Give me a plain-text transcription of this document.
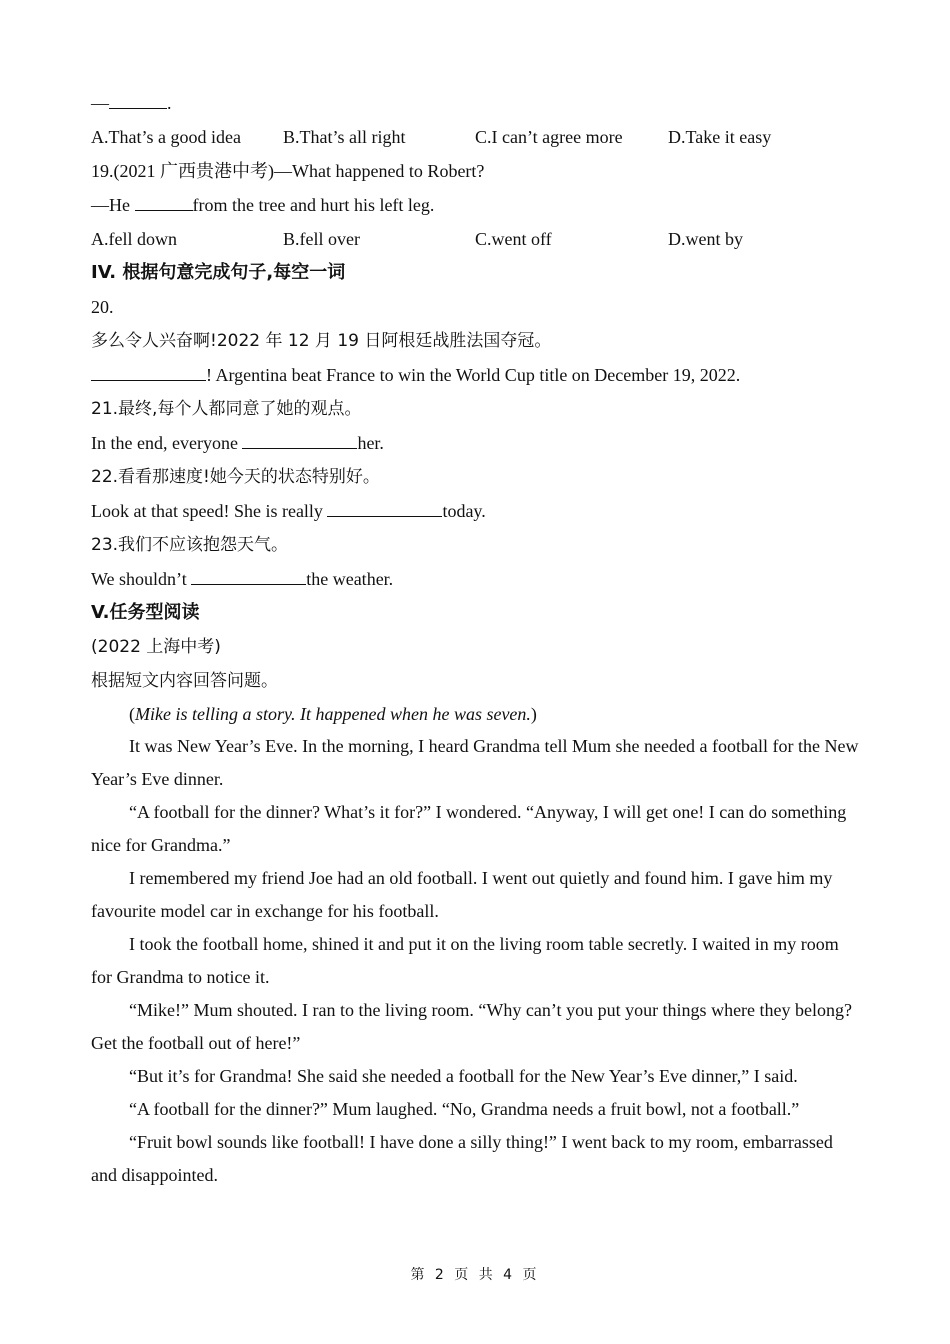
—	.
A.That’s a good idea	B.That’s all right	C.I can’t agree more	D.Take it easy
19.(2021 广西贵港中考)—What happened to Robert?
—He	from the tree and hurt his left leg.
A.fell down	B.fell over	C.went off	D.went by
IV. 根据句意完成句子,每空一词
20.
多么令人兴奋啊!2022 年 12 月 19 日阿根廷战胜法国夺冠。
! Argentina beat France to win the World Cup title on December 19, 2022.
21.最终,每个人都同意了她的观点。
In the end, everyone	her.
22.看看那速度!她今天的状态特别好。
Look at that speed! She is really	today.
23.我们不应该抱怨天气。
We shouldn’t	the weather.
V.任务型阅读
(2022 上海中考)
根据短文内容回答问题。
(Mike is telling a story. It happened when he was seven.)

It was New Year’s Eve. In the morning, I heard Grandma tell Mum she needed a football for the New Year’s Eve dinner.

“A football for the dinner? What’s it for?” I wondered. “Anyway, I will get one! I can do something nice for Grandma.”

I remembered my friend Joe had an old football. I went out quietly and found him. I gave him my favourite model car in exchange for his football.

I took the football home, shined it and put it on the living room table secretly. I waited in my room for Grandma to notice it.

“Mike!” Mum shouted. I ran to the living room. “Why can’t you put your things where they belong? Get the football out of here!”

“But it’s for Grandma! She said she needed a football for the New Year’s Eve dinner,” I said.

“A football for the dinner?” Mum laughed. “No, Grandma needs a fruit bowl, not a football.”

“Fruit bowl sounds like football! I have done a silly thing!” I went back to my room, embarrassed and disappointed.

第 2 页 共 4 页
